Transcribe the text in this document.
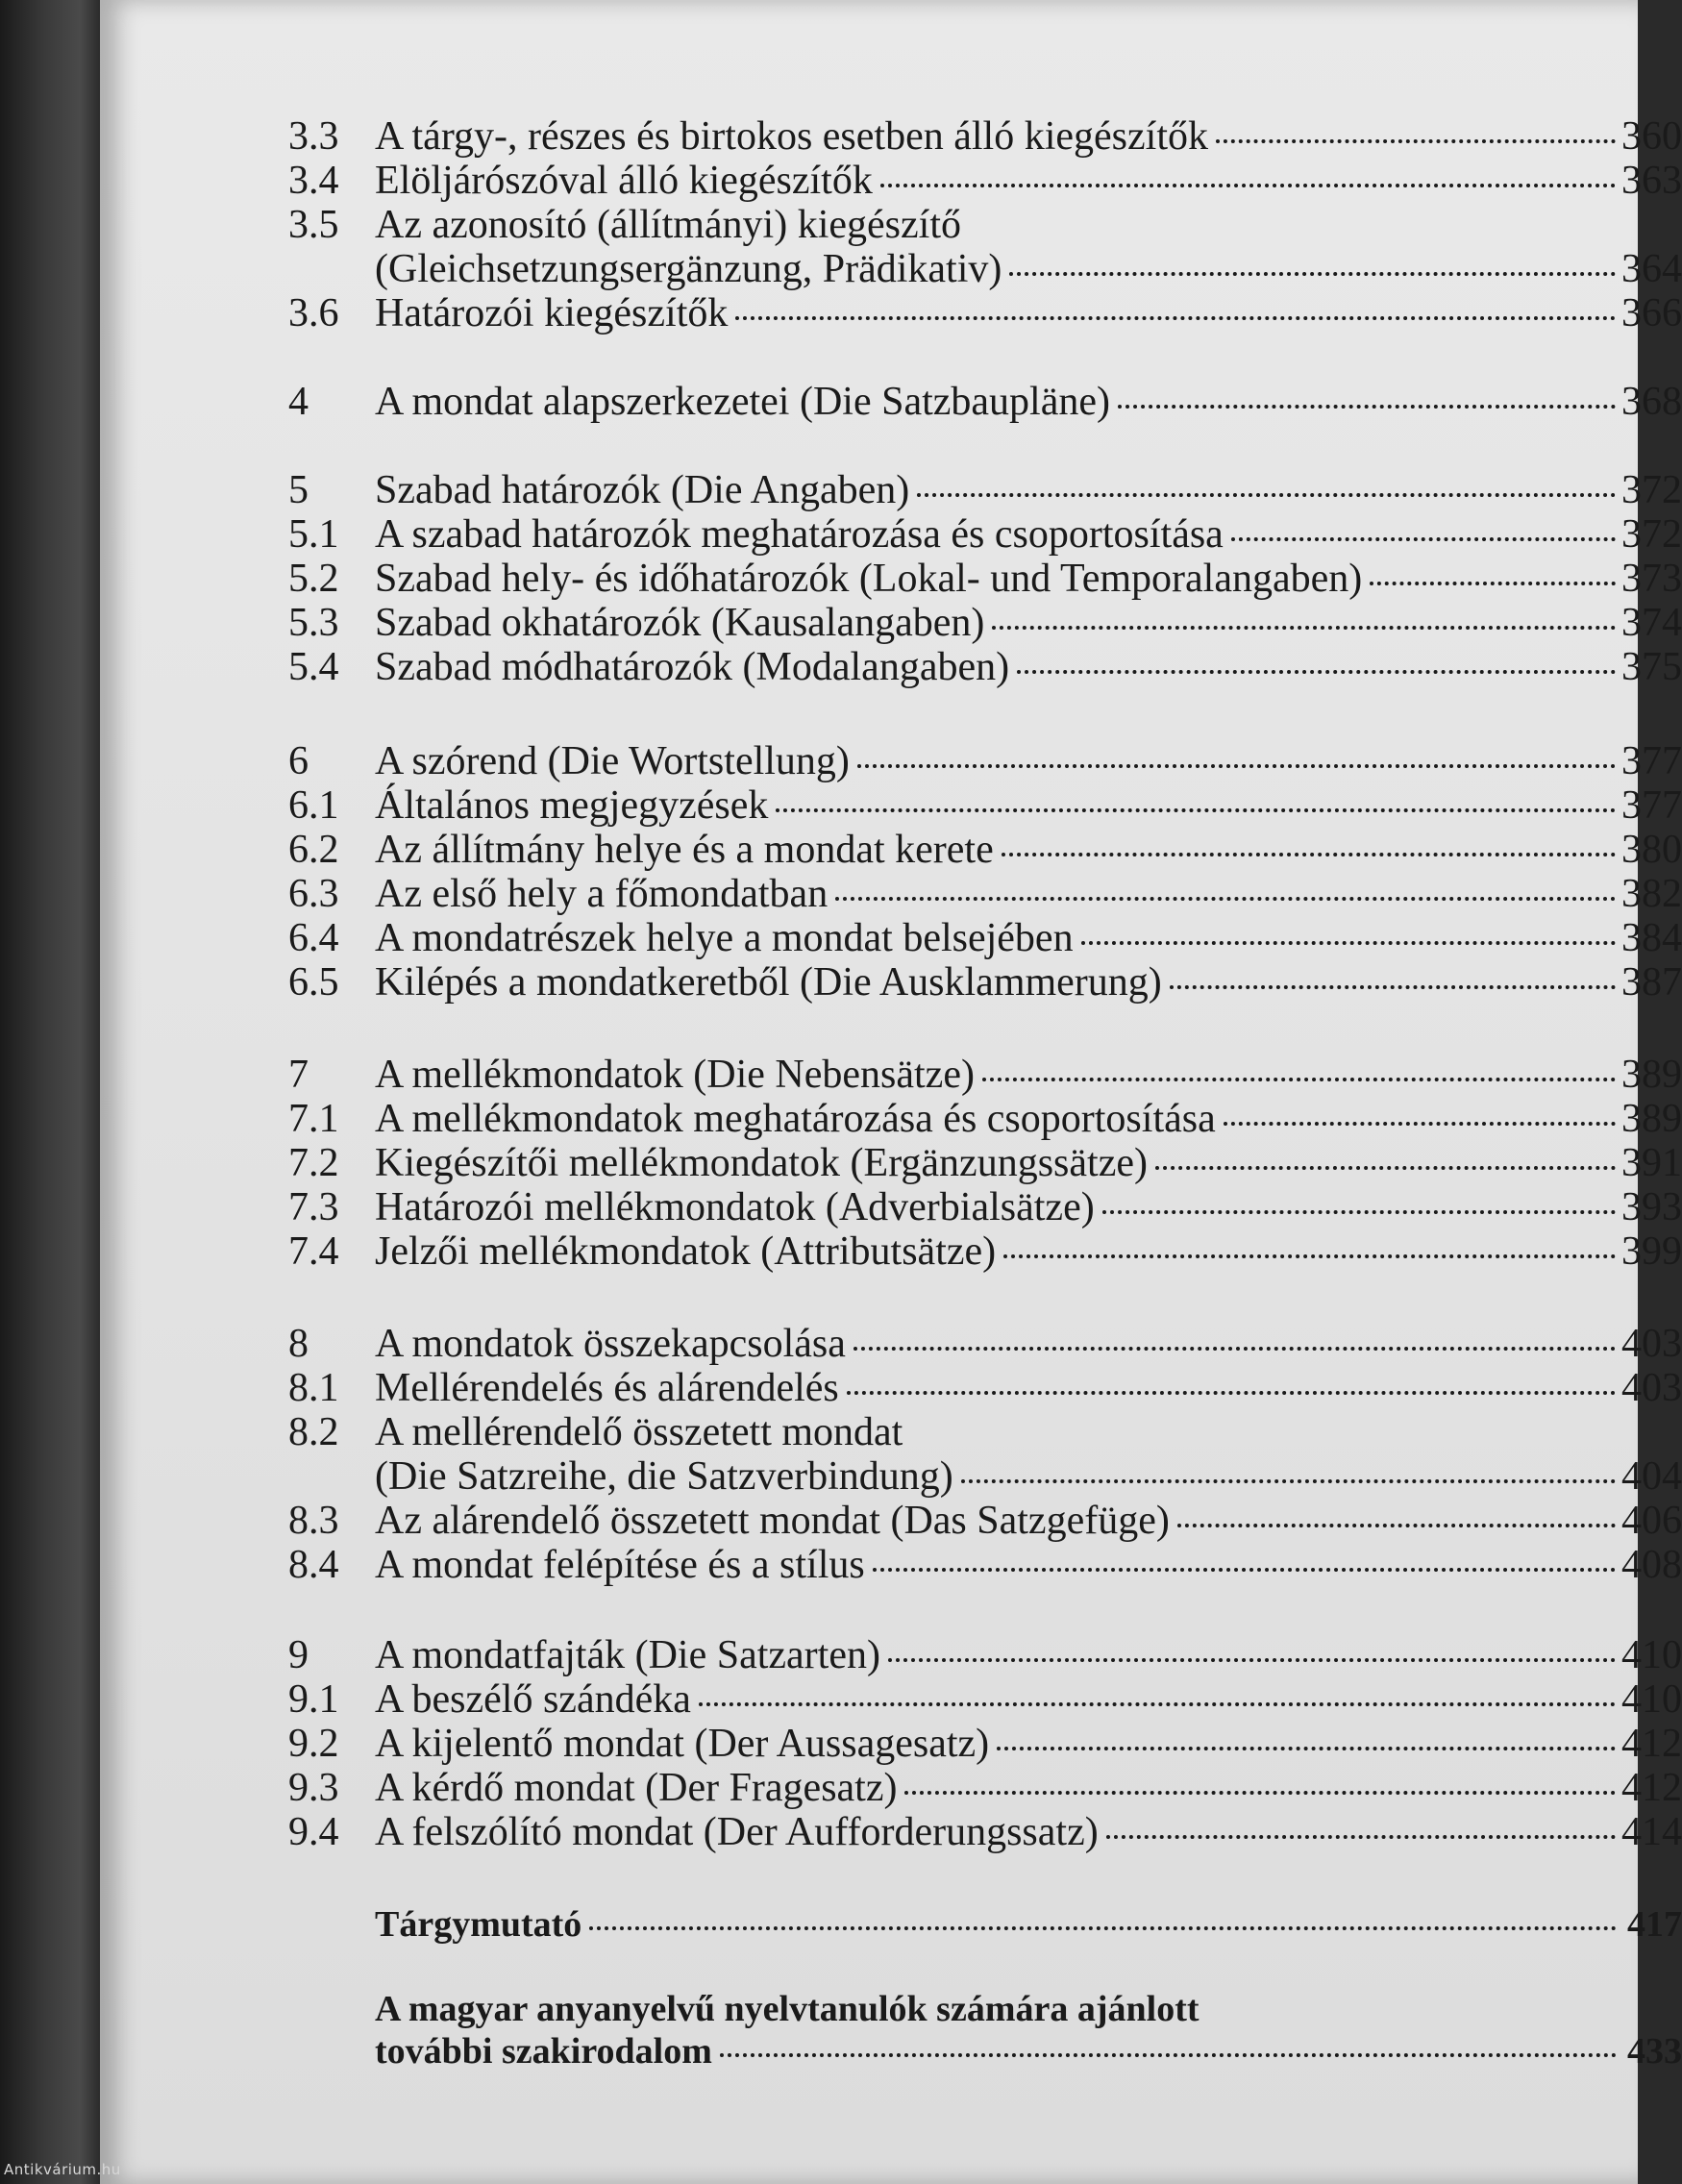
3.3 A tárgy-, részes és birtokos esetben álló kiegészítők	360
3.4 Elöljárószóval álló kiegészítők	363
3.5 Az azonosító (állítmányi) kiegészítő
(Gleichsetzungsergänzung, Prädikativ)	364
3.6 Határozói kiegészítők	366
4	A mondat alapszerkezetei (Die Satzbaupläne)	368
5	Szabad határozók (Die Angaben)	372
5.1 A szabad határozók meghatározása és csoportosítása	372
5.2 Szabad hely- és időhatározók (Lokal- und Temporalangaben)	373
5.3 Szabad okhatározók (Kausalangaben)	374
5.4 Szabad módhatározók (Modalangaben)	375
6	A szórend (Die Wortstellung)	377
6.1 Általános megjegyzések	377
6.2 Az állítmány helye és a mondat kerete	380
6.3 Az első hely a főmondatban	382
6.4 A mondatrészek helye a mondat belsejében	384
6.5 Kilépés a mondatkeretből (Die Ausklammerung)	387
7	A mellékmondatok (Die Nebensätze)	389
7.1 A mellékmondatok meghatározása és csoportosítása	389
7.2 Kiegészítői mellékmondatok (Ergänzungssätze)	391
7.3 Határozói mellékmondatok (Adverbialsätze)	393
7.4 Jelzői mellékmondatok (Attributsätze)	399
8	A mondatok összekapcsolása	403
8.1 Mellérendelés és alárendelés	403
8.2 A mellérendelő összetett mondat
(Die Satzreihe, die Satzverbindung)	404
8.3 Az alárendelő összetett mondat (Das Satzgefüge)	406
8.4 A mondat felépítése és a stílus	408
9	A mondatfajták (Die Satzarten)	410
9.1 A beszélő szándéka	410
9.2 A kijelentő mondat (Der Aussagesatz)	412
9.3 A kérdő mondat (Der Fragesatz)	412
9.4 A felszólító mondat (Der Aufforderungssatz)	414
Tárgymutató	417
A magyar anyanyelvű nyelvtanulók számára ajánlott
további szakirodalom	433
Antikvárium.hu
